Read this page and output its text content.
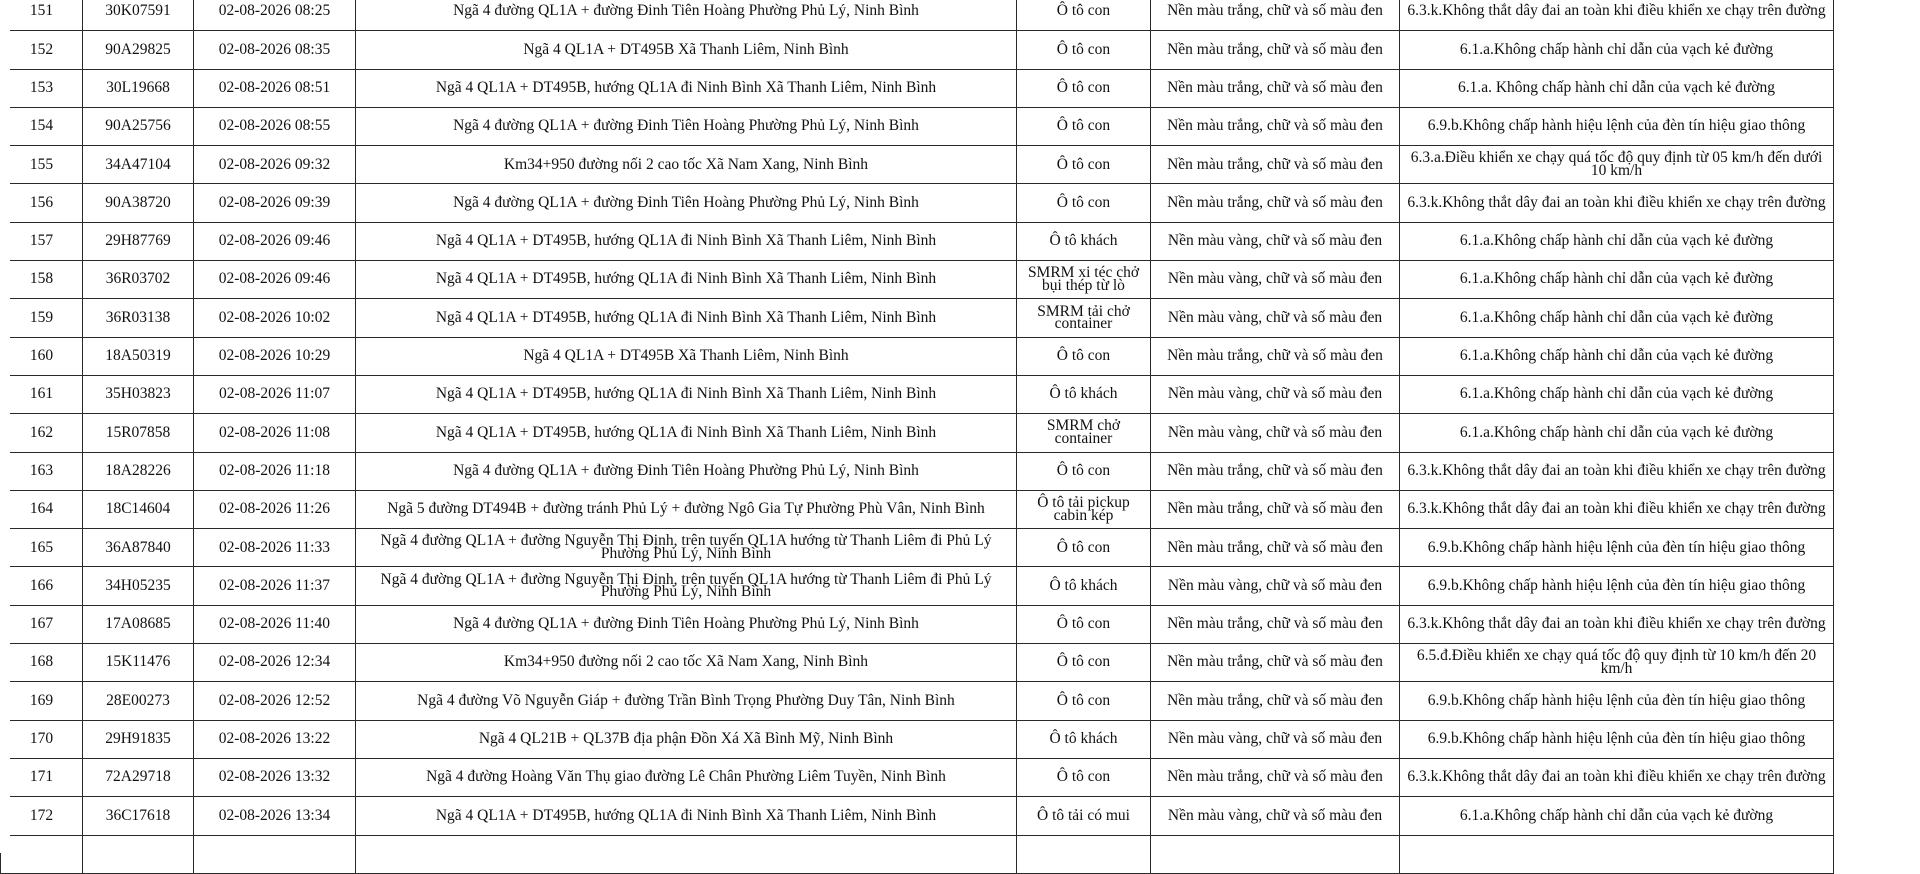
151	30K07591	02-08-2026 08:25	Ngã 4 đường QL1A + đường Đinh Tiên Hoàng Phường Phủ Lý, Ninh Bình	Ô tô con	Nền màu trắng, chữ và số màu đen	6.3.k.Không thắt dây đai an toàn khi điều khiển xe chạy trên đường
152	90A29825	02-08-2026 08:35	Ngã 4 QL1A + DT495B Xã Thanh Liêm, Ninh Bình	Ô tô con	Nền màu trắng, chữ và số màu đen	6.1.a.Không chấp hành chỉ dẫn của vạch kẻ đường
153	30L19668	02-08-2026 08:51	Ngã 4 QL1A + DT495B, hướng QL1A đi Ninh Bình Xã Thanh Liêm, Ninh Bình	Ô tô con	Nền màu trắng, chữ và số màu đen	6.1.a. Không chấp hành chỉ dẫn của vạch kẻ đường
154	90A25756	02-08-2026 08:55	Ngã 4 đường QL1A + đường Đinh Tiên Hoàng Phường Phủ Lý, Ninh Bình	Ô tô con	Nền màu trắng, chữ và số màu đen	6.9.b.Không chấp hành hiệu lệnh của đèn tín hiệu giao thông
155	34A47104	02-08-2026 09:32	Km34+950 đường nối 2 cao tốc Xã Nam Xang, Ninh Bình	Ô tô con	Nền màu trắng, chữ và số màu đen	6.3.a.Điều khiển xe chạy quá tốc độ quy định từ 05 km/h đến dưới 10 km/h
156	90A38720	02-08-2026 09:39	Ngã 4 đường QL1A + đường Đinh Tiên Hoàng Phường Phủ Lý, Ninh Bình	Ô tô con	Nền màu trắng, chữ và số màu đen	6.3.k.Không thắt dây đai an toàn khi điều khiển xe chạy trên đường
157	29H87769	02-08-2026 09:46	Ngã 4 QL1A + DT495B, hướng QL1A đi Ninh Bình Xã Thanh Liêm, Ninh Bình	Ô tô khách	Nền màu vàng, chữ và số màu đen	6.1.a.Không chấp hành chỉ dẫn của vạch kẻ đường
158	36R03702	02-08-2026 09:46	Ngã 4 QL1A + DT495B, hướng QL1A đi Ninh Bình Xã Thanh Liêm, Ninh Bình	SMRM xi téc chở bụi thép từ lò	Nền màu vàng, chữ và số màu đen	6.1.a.Không chấp hành chỉ dẫn của vạch kẻ đường
159	36R03138	02-08-2026 10:02	Ngã 4 QL1A + DT495B, hướng QL1A đi Ninh Bình Xã Thanh Liêm, Ninh Bình	SMRM tải chở container	Nền màu vàng, chữ và số màu đen	6.1.a.Không chấp hành chỉ dẫn của vạch kẻ đường
160	18A50319	02-08-2026 10:29	Ngã 4 QL1A + DT495B Xã Thanh Liêm, Ninh Bình	Ô tô con	Nền màu trắng, chữ và số màu đen	6.1.a.Không chấp hành chỉ dẫn của vạch kẻ đường
161	35H03823	02-08-2026 11:07	Ngã 4 QL1A + DT495B, hướng QL1A đi Ninh Bình Xã Thanh Liêm, Ninh Bình	Ô tô khách	Nền màu vàng, chữ và số màu đen	6.1.a.Không chấp hành chỉ dẫn của vạch kẻ đường
162	15R07858	02-08-2026 11:08	Ngã 4 QL1A + DT495B, hướng QL1A đi Ninh Bình Xã Thanh Liêm, Ninh Bình	SMRM chở container	Nền màu vàng, chữ và số màu đen	6.1.a.Không chấp hành chỉ dẫn của vạch kẻ đường
163	18A28226	02-08-2026 11:18	Ngã 4 đường QL1A + đường Đinh Tiên Hoàng Phường Phủ Lý, Ninh Bình	Ô tô con	Nền màu trắng, chữ và số màu đen	6.3.k.Không thắt dây đai an toàn khi điều khiển xe chạy trên đường
164	18C14604	02-08-2026 11:26	Ngã 5 đường DT494B + đường tránh Phủ Lý + đường Ngô Gia Tự Phường Phù Vân, Ninh Bình	Ô tô tải pickup cabin kép	Nền màu trắng, chữ và số màu đen	6.3.k.Không thắt dây đai an toàn khi điều khiển xe chạy trên đường
165	36A87840	02-08-2026 11:33	Ngã 4 đường QL1A + đường Nguyễn Thị Định, trên tuyến QL1A hướng từ Thanh Liêm đi Phủ Lý Phường Phủ Lý, Ninh Bình	Ô tô con	Nền màu trắng, chữ và số màu đen	6.9.b.Không chấp hành hiệu lệnh của đèn tín hiệu giao thông
166	34H05235	02-08-2026 11:37	Ngã 4 đường QL1A + đường Nguyễn Thị Định, trên tuyến QL1A hướng từ Thanh Liêm đi Phủ Lý Phường Phủ Lý, Ninh Bình	Ô tô khách	Nền màu vàng, chữ và số màu đen	6.9.b.Không chấp hành hiệu lệnh của đèn tín hiệu giao thông
167	17A08685	02-08-2026 11:40	Ngã 4 đường QL1A + đường Đinh Tiên Hoàng Phường Phủ Lý, Ninh Bình	Ô tô con	Nền màu trắng, chữ và số màu đen	6.3.k.Không thắt dây đai an toàn khi điều khiển xe chạy trên đường
168	15K11476	02-08-2026 12:34	Km34+950 đường nối 2 cao tốc Xã Nam Xang, Ninh Bình	Ô tô con	Nền màu trắng, chữ và số màu đen	6.5.đ.Điều khiển xe chạy quá tốc độ quy định từ 10 km/h đến 20 km/h
169	28E00273	02-08-2026 12:52	Ngã 4 đường Võ Nguyễn Giáp + đường Trần Bình Trọng Phường Duy Tân, Ninh Bình	Ô tô con	Nền màu trắng, chữ và số màu đen	6.9.b.Không chấp hành hiệu lệnh của đèn tín hiệu giao thông
170	29H91835	02-08-2026 13:22	Ngã 4 QL21B + QL37B địa phận Đồn Xá Xã Bình Mỹ, Ninh Bình	Ô tô khách	Nền màu vàng, chữ và số màu đen	6.9.b.Không chấp hành hiệu lệnh của đèn tín hiệu giao thông
171	72A29718	02-08-2026 13:32	Ngã 4 đường Hoàng Văn Thụ giao đường Lê Chân Phường Liêm Tuyền, Ninh Bình	Ô tô con	Nền màu trắng, chữ và số màu đen	6.3.k.Không thắt dây đai an toàn khi điều khiển xe chạy trên đường
172	36C17618	02-08-2026 13:34	Ngã 4 QL1A + DT495B, hướng QL1A đi Ninh Bình Xã Thanh Liêm, Ninh Bình	Ô tô tải có mui	Nền màu vàng, chữ và số màu đen	6.1.a.Không chấp hành chỉ dẫn của vạch kẻ đường
